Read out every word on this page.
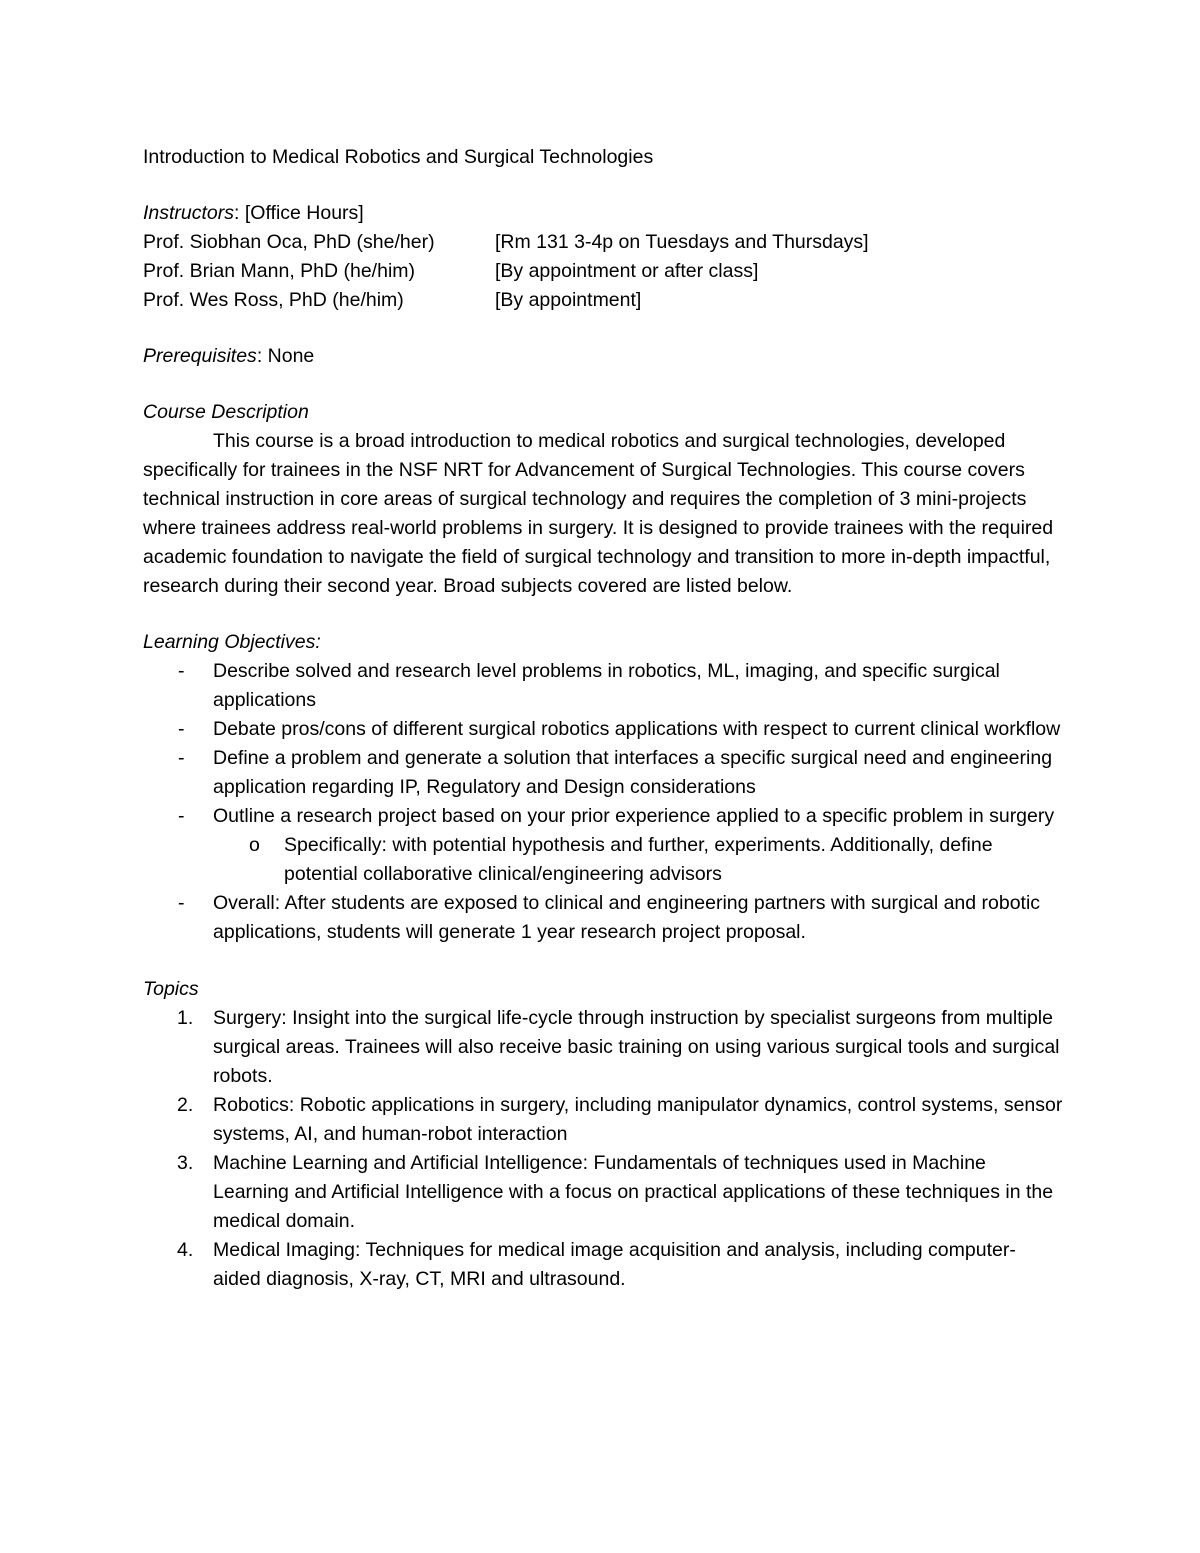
Introduction to Medical Robotics and Surgical Technologies
Instructors: [Office Hours]
Prof. Siobhan Oca, PhD (she/her)	[Rm 131 3-4p on Tuesdays and Thursdays]
Prof. Brian Mann, PhD (he/him)	[By appointment or after class]
Prof. Wes Ross, PhD (he/him)	[By appointment]
Prerequisites: None
Course Description

This course is a broad introduction to medical robotics and surgical technologies, developed specifically for trainees in the NSF NRT for Advancement of Surgical Technologies. This course covers technical instruction in core areas of surgical technology and requires the completion of 3 mini-projects where trainees address real-world problems in surgery. It is designed to provide trainees with the required academic foundation to navigate the field of surgical technology and transition to more in-depth impactful, research during their second year. Broad subjects covered are listed below.

Learning Objectives:
- Describe solved and research level problems in robotics, ML, imaging, and specific surgical applications
- Debate pros/cons of different surgical robotics applications with respect to current clinical workflow
- Define a problem and generate a solution that interfaces a specific surgical need and engineering application regarding IP, Regulatory and Design considerations
- Outline a research project based on your prior experience applied to a specific problem in surgery
o Specifically: with potential hypothesis and further, experiments. Additionally, define potential collaborative clinical/engineering advisors
- Overall: After students are exposed to clinical and engineering partners with surgical and robotic applications, students will generate 1 year research project proposal.
Topics
1. Surgery: Insight into the surgical life-cycle through instruction by specialist surgeons from multiple surgical areas. Trainees will also receive basic training on using various surgical tools and surgical robots.
2. Robotics: Robotic applications in surgery, including manipulator dynamics, control systems, sensor systems, AI, and human-robot interaction
3. Machine Learning and Artificial Intelligence: Fundamentals of techniques used in Machine Learning and Artificial Intelligence with a focus on practical applications of these techniques in the medical domain.
4. Medical Imaging: Techniques for medical image acquisition and analysis, including computer-aided diagnosis, X-ray, CT, MRI and ultrasound.
